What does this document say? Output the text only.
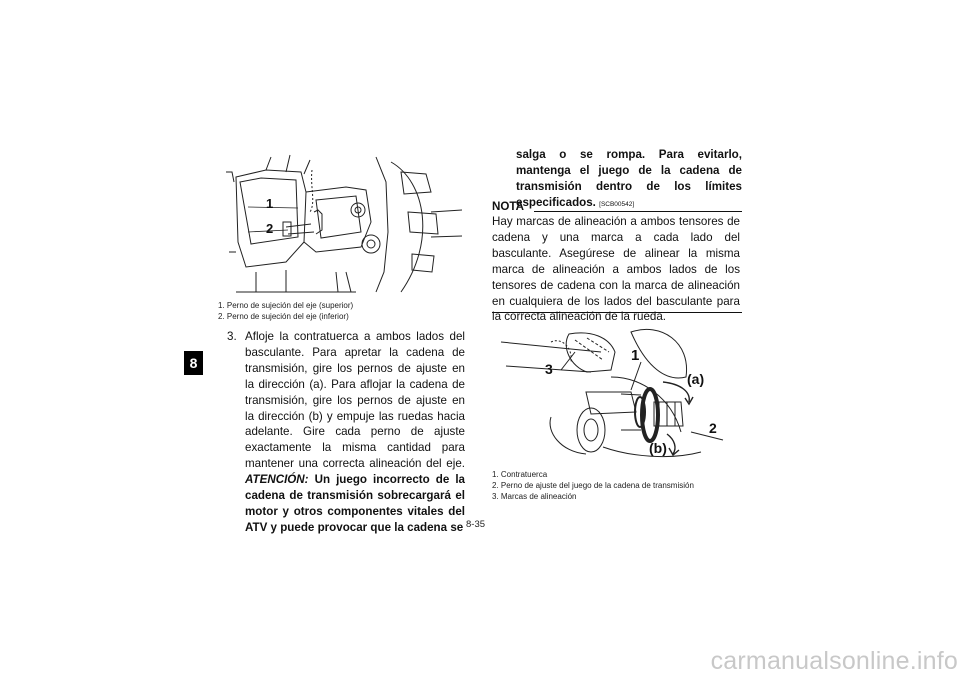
8
1
2
1. Perno de sujeción del eje (superior)
2. Perno de sujeción del eje (inferior)
3. Afloje la contratuerca a ambos lados del basculante. Para apretar la cadena de transmisión, gire los pernos de ajuste en la dirección (a). Para aflojar la cadena de transmisión, gire los pernos de ajuste en la dirección (b) y empuje las ruedas hacia adelante. Gire cada perno de ajuste exactamente la misma cantidad para mantener una correcta alineación del eje. ATENCIÓN: Un juego incorrecto de la cadena de transmisión sobrecargará el motor y otros componentes vitales del ATV y puede provocar que la cadena se
salga o se rompa. Para evitarlo, mantenga el juego de la cadena de transmisión dentro de los límites especificados. [SCB00542]
NOTA
Hay marcas de alineación a ambos tensores de cadena y una marca a cada lado del basculante. Asegúrese de alinear la misma marca de alineación a ambos lados de los tensores de cadena con la marca de alineación en cualquiera de los lados del basculante para la correcta alineación de la rueda.
1
2
3
(a)
(b)
1. Contratuerca
2. Perno de ajuste del juego de la cadena de transmisión
3. Marcas de alineación
8-35
carmanualsonline.info
